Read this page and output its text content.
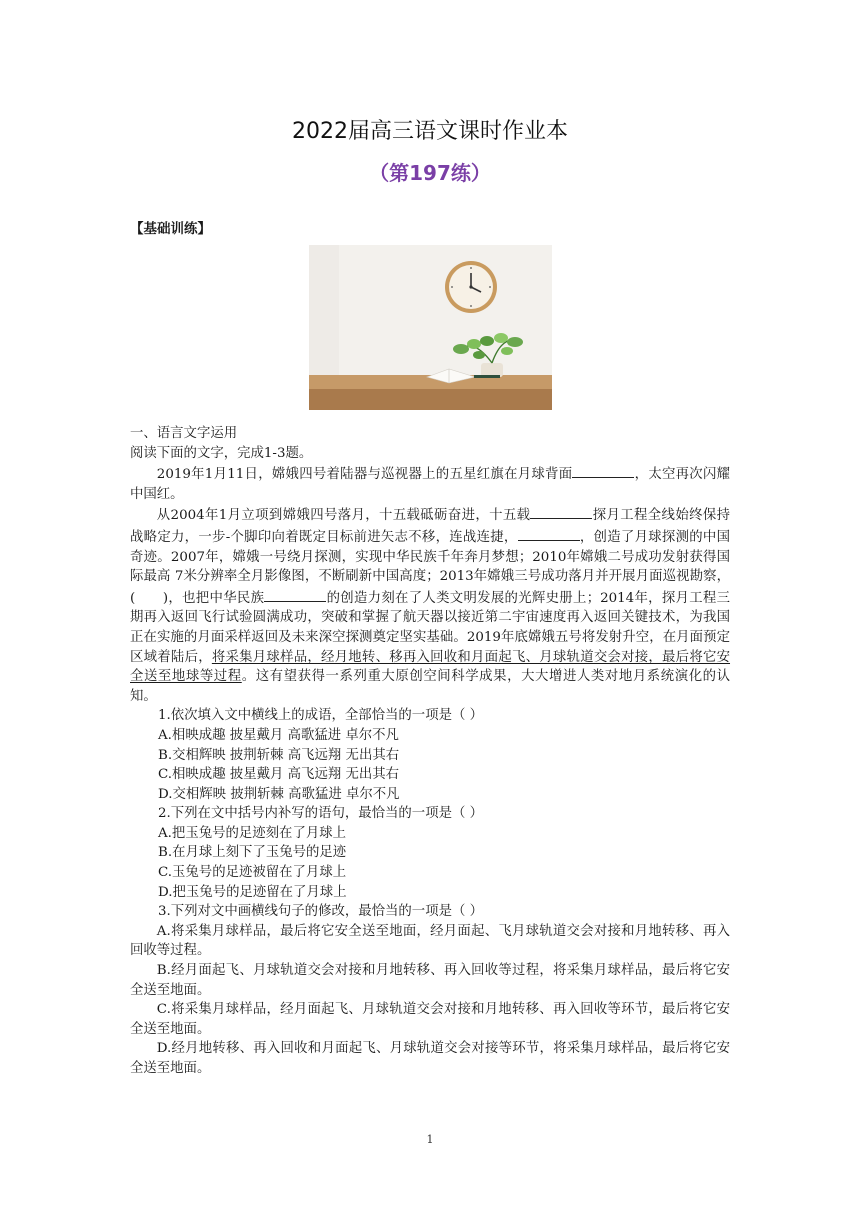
2022届高三语文课时作业本
（第197练）
【基础训练】

一、语言文字运用

阅读下面的文字，完成1-3题。

2019年1月11日，嫦娥四号着陆器与巡视器上的五星红旗在月球背面	，太空再次闪耀中国红。

从2004年1月立项到嫦娥四号落月，十五载砥砺奋进，十五载	探月工程全线始终保持战略定力，一步-个脚印向着既定目标前进矢志不移，连战连捷，	，创造了月球探测的中国奇迹。2007年，嫦娥一号绕月探测，实现中华民族千年奔月梦想；2010年嫦娥二号成功发射获得国际最高 7米分辨率全月影像图，不断刷新中国高度；2013年嫦娥三号成功落月并开展月面巡视勘察，(　　)，也把中华民族	的创造力刻在了人类文明发展的光辉史册上；2014年，探月工程三期再入返回飞行试验圆满成功，突破和掌握了航天器以接近第二宇宙速度再入返回关键技术，为我国正在实施的月面采样返回及未来深空探测奠定坚实基础。2019年底嫦娥五号将发射升空，在月面预定区域着陆后，将采集月球样品，经月地转、移再入回收和月面起飞、月球轨道交会对接，最后将它安全送至地球等过程。这有望获得一系列重大原创空间科学成果，大大增进人类对地月系统演化的认知。

1.依次填入文中横线上的成语，全部恰当的一项是（ ）

A.相映成趣 披星戴月 高歌猛进 卓尔不凡

B.交相辉映 披荆斩棘 高飞远翔 无出其右

C.相映成趣 披星戴月 高飞远翔 无出其右

D.交相辉映 披荆斩棘 高歌猛进 卓尔不凡

2.下列在文中括号内补写的语句，最恰当的一项是（ ）

A.把玉兔号的足迹刻在了月球上

B.在月球上刻下了玉兔号的足迹

C.玉兔号的足迹被留在了月球上

D.把玉兔号的足迹留在了月球上

3.下列对文中画横线句子的修改，最恰当的一项是（ ）

A.将采集月球样品，最后将它安全送至地面，经月面起、飞月球轨道交会对接和月地转移、再入回收等过程。

B.经月面起飞、月球轨道交会对接和月地转移、再入回收等过程，将采集月球样品，最后将它安全送至地面。

C.将采集月球样品，经月面起飞、月球轨道交会对接和月地转移、再入回收等环节，最后将它安全送至地面。

D.经月地转移、再入回收和月面起飞、月球轨道交会对接等环节，将采集月球样品，最后将它安全送至地面。

1
